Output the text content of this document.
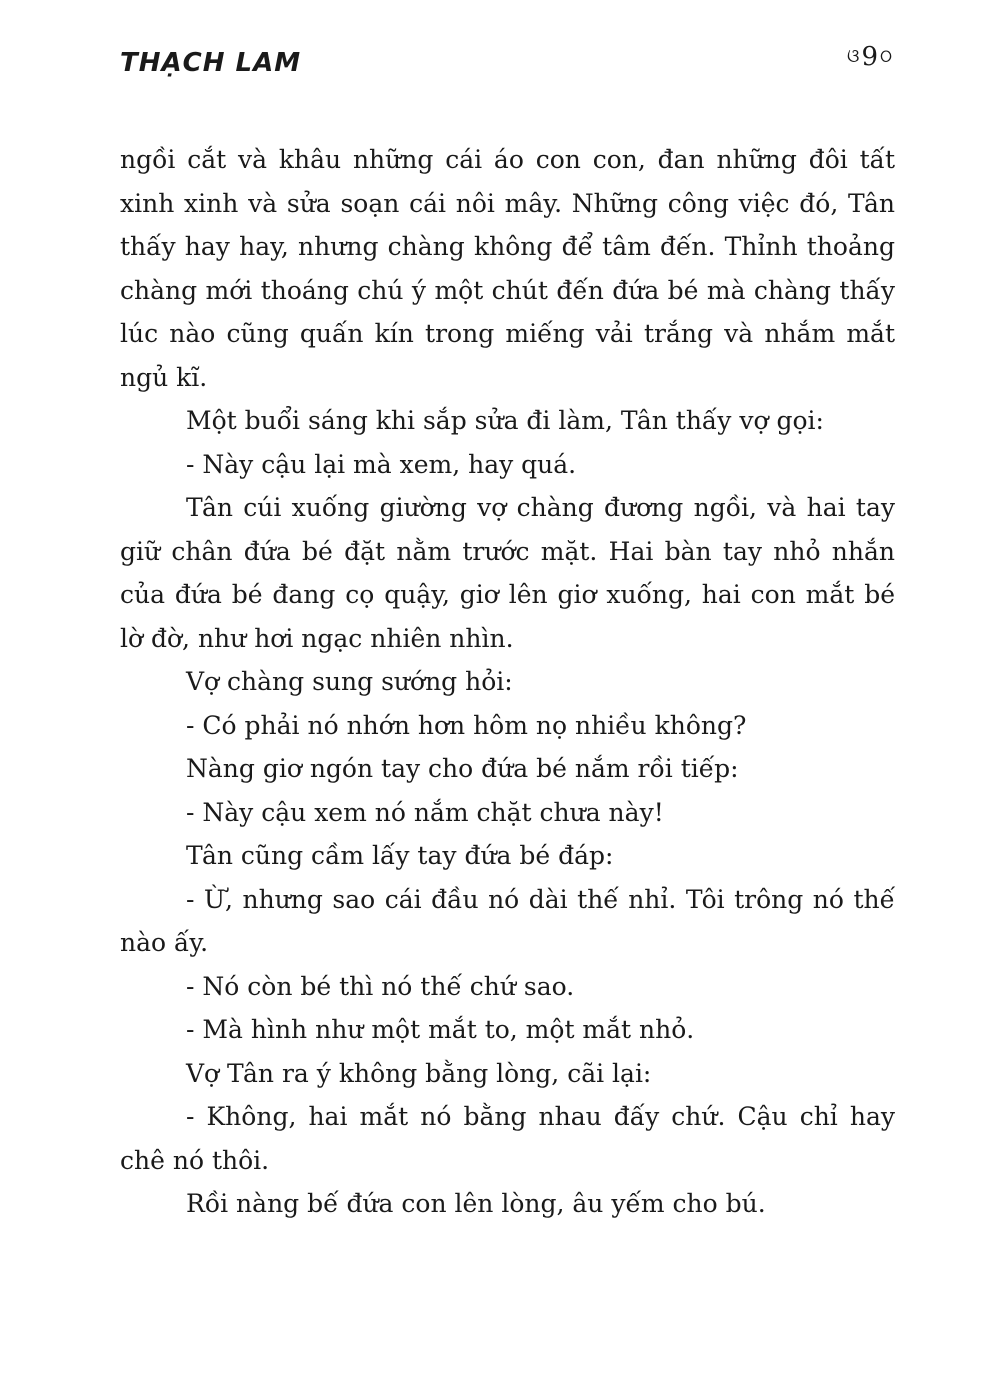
THẠCH LAM	ଓ 9 ଠ

ngồi cắt và khâu những cái áo con con, đan những đôi tất xinh xinh và sửa soạn cái nôi mây. Những công việc đó, Tân thấy hay hay, nhưng chàng không để tâm đến. Thỉnh thoảng chàng mới thoáng chú ý một chút đến đứa bé mà chàng thấy lúc nào cũng quấn kín trong miếng vải trắng và nhắm mắt ngủ kĩ.

Một buổi sáng khi sắp sửa đi làm, Tân thấy vợ gọi:

- Này cậu lại mà xem, hay quá.

Tân cúi xuống giường vợ chàng đương ngồi, và hai tay giữ chân đứa bé đặt nằm trước mặt. Hai bàn tay nhỏ nhắn của đứa bé đang cọ quậy, giơ lên giơ xuống, hai con mắt bé lờ đờ, như hơi ngạc nhiên nhìn.

Vợ chàng sung sướng hỏi:

- Có phải nó nhớn hơn hôm nọ nhiều không?

Nàng giơ ngón tay cho đứa bé nắm rồi tiếp:

- Này cậu xem nó nắm chặt chưa này!

Tân cũng cầm lấy tay đứa bé đáp:

- Ừ, nhưng sao cái đầu nó dài thế nhỉ. Tôi trông nó thế nào ấy.

- Nó còn bé thì nó thế chứ sao.

- Mà hình như một mắt to, một mắt nhỏ.

Vợ Tân ra ý không bằng lòng, cãi lại:

- Không, hai mắt nó bằng nhau đấy chứ. Cậu chỉ hay chê nó thôi.

Rồi nàng bế đứa con lên lòng, âu yếm cho bú.
